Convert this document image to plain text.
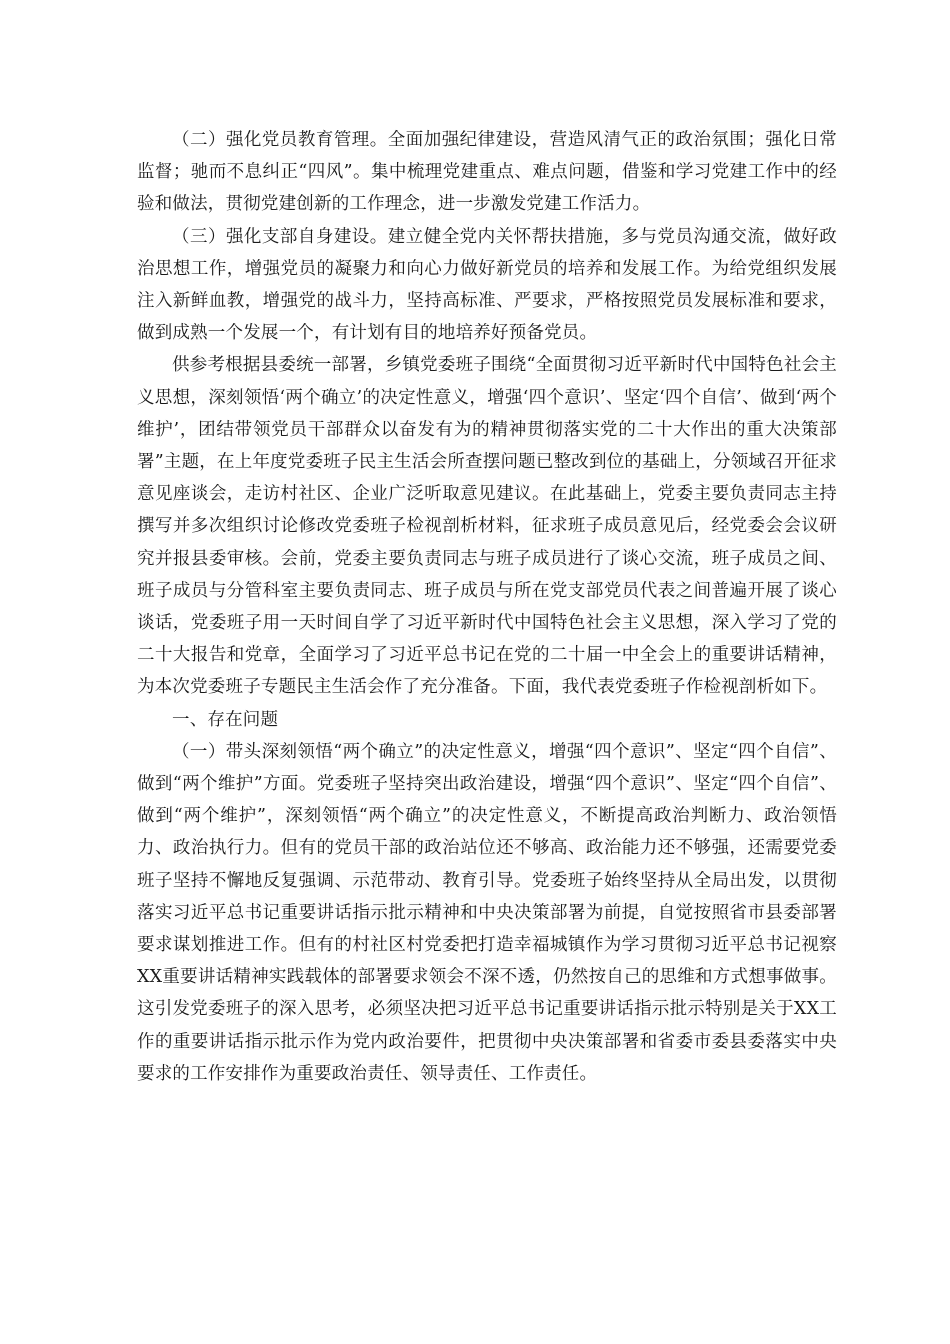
（二）强化党员教育管理。全面加强纪律建设，营造风清气正的政治氛围；强化日常监督；驰而不息纠正“四风”。集中梳理党建重点、难点问题，借鉴和学习党建工作中的经验和做法，贯彻党建创新的工作理念，进一步激发党建工作活力。

（三）强化支部自身建设。建立健全党内关怀帮扶措施，多与党员沟通交流，做好政治思想工作，增强党员的凝聚力和向心力做好新党员的培养和发展工作。为给党组织发展注入新鲜血教，增强党的战斗力，坚持高标准、严要求，严格按照党员发展标准和要求，做到成熟一个发展一个，有计划有目的地培养好预备党员。

供参考根据县委统一部署，乡镇党委班子围绕“全面贯彻习近平新时代中国特色社会主义思想，深刻领悟‘两个确立’的决定性意义，增强‘四个意识’、坚定‘四个自信’、做到‘两个维护’，团结带领党员干部群众以奋发有为的精神贯彻落实党的二十大作出的重大决策部署”主题，在上年度党委班子民主生活会所查摆问题已整改到位的基础上，分领域召开征求意见座谈会，走访村社区、企业广泛听取意见建议。在此基础上，党委主要负责同志主持撰写并多次组织讨论修改党委班子检视剖析材料，征求班子成员意见后，经党委会会议研究并报县委审核。会前，党委主要负责同志与班子成员进行了谈心交流，班子成员之间、班子成员与分管科室主要负责同志、班子成员与所在党支部党员代表之间普遍开展了谈心谈话，党委班子用一天时间自学了习近平新时代中国特色社会主义思想，深入学习了党的二十大报告和党章，全面学习了习近平总书记在党的二十届一中全会上的重要讲话精神，为本次党委班子专题民主生活会作了充分准备。下面，我代表党委班子作检视剖析如下。

一、存在问题

（一）带头深刻领悟“两个确立”的决定性意义，增强“四个意识”、坚定“四个自信”、做到“两个维护”方面。党委班子坚持突出政治建设，增强“四个意识”、坚定“四个自信”、做到“两个维护”，深刻领悟“两个确立”的决定性意义，不断提高政治判断力、政治领悟力、政治执行力。但有的党员干部的政治站位还不够高、政治能力还不够强，还需要党委班子坚持不懈地反复强调、示范带动、教育引导。党委班子始终坚持从全局出发，以贯彻落实习近平总书记重要讲话指示批示精神和中央决策部署为前提，自觉按照省市县委部署要求谋划推进工作。但有的村社区村党委把打造幸福城镇作为学习贯彻习近平总书记视察XX重要讲话精神实践载体的部署要求领会不深不透，仍然按自己的思维和方式想事做事。这引发党委班子的深入思考，必须坚决把习近平总书记重要讲话指示批示特别是关于XX工作的重要讲话指示批示作为党内政治要件，把贯彻中央决策部署和省委市委县委落实中央要求的工作安排作为重要政治责任、领导责任、工作责任。
